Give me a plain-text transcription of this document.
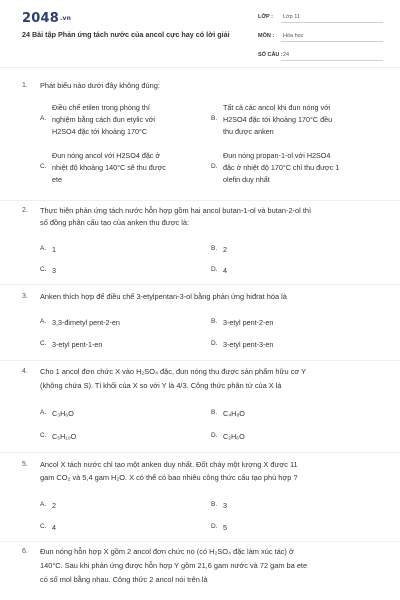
2048.vn
24 Bài tập Phản ứng tách nước của ancol cực hay có lời giải
LỚP : Lớp 11
MÔN : Hóa học
SỐ CÂU : 24
1. Phát biểu nào dưới đây không đúng:
A.
Điều chế etilen trong phòng thí
nghiệm bằng cách đun etylic với
H2SO4 đặc tới khoảng 170°C
B.
Tất cả các ancol khi đun nóng với
H2SO4 đặc tới khoảng 170°C đều
thu được anken
C.
Đun nóng ancol với H2SO4 đặc ở
nhiệt độ khoảng 140°C sẽ thu được
ete
D.
Đun nóng propan-1-ol với H2SO4
đặc ở nhiệt độ 170°C chỉ thu được 1
olefin duy nhất
2. Thực hiện phản ứng tách nước hỗn hợp gồm hai ancol butan-1-ol và butan-2-ol thì
số đồng phân cấu tạo của anken thu được là:
A. 1	B. 2
C. 3	D. 4
3. Anken thích hợp để điều chế 3-etylpentan-3-ol bằng phản ứng hiđrat hóa là
A. 3,3-đimetyl pent-2-en	B. 3-etyl pent-2-en
C. 3-etyl pent-1-en	D. 3-etyl pent-3-en
4. Cho 1 ancol đơn chức X vào H₂SO₄ đặc, đun nóng thu được sản phẩm hữu cơ Y
(không chứa S). Tỉ khối của X so với Y là 4/3. Công thức phân tử của X là
A. C₃H₆O	B. C₄H₈O
C. C₅H₁₀O	D. C₂H₆O
5. Ancol X tách nước chỉ tạo một anken duy nhất. Đốt cháy một lượng X được 11
gam CO₂ và 5,4 gam H₂O. X có thể có bao nhiêu công thức cấu tạo phù hợp ?
A. 2	B. 3
C. 4	D. 5
6. Đun nóng hỗn hợp X gồm 2 ancol đơn chức no (có H₂SO₄ đặc làm xúc tác) ở
140°C. Sau khi phản ứng được hỗn hợp Y gồm 21,6 gam nước và 72 gam ba ete
có số mol bằng nhau. Công thức 2 ancol nói trên là
